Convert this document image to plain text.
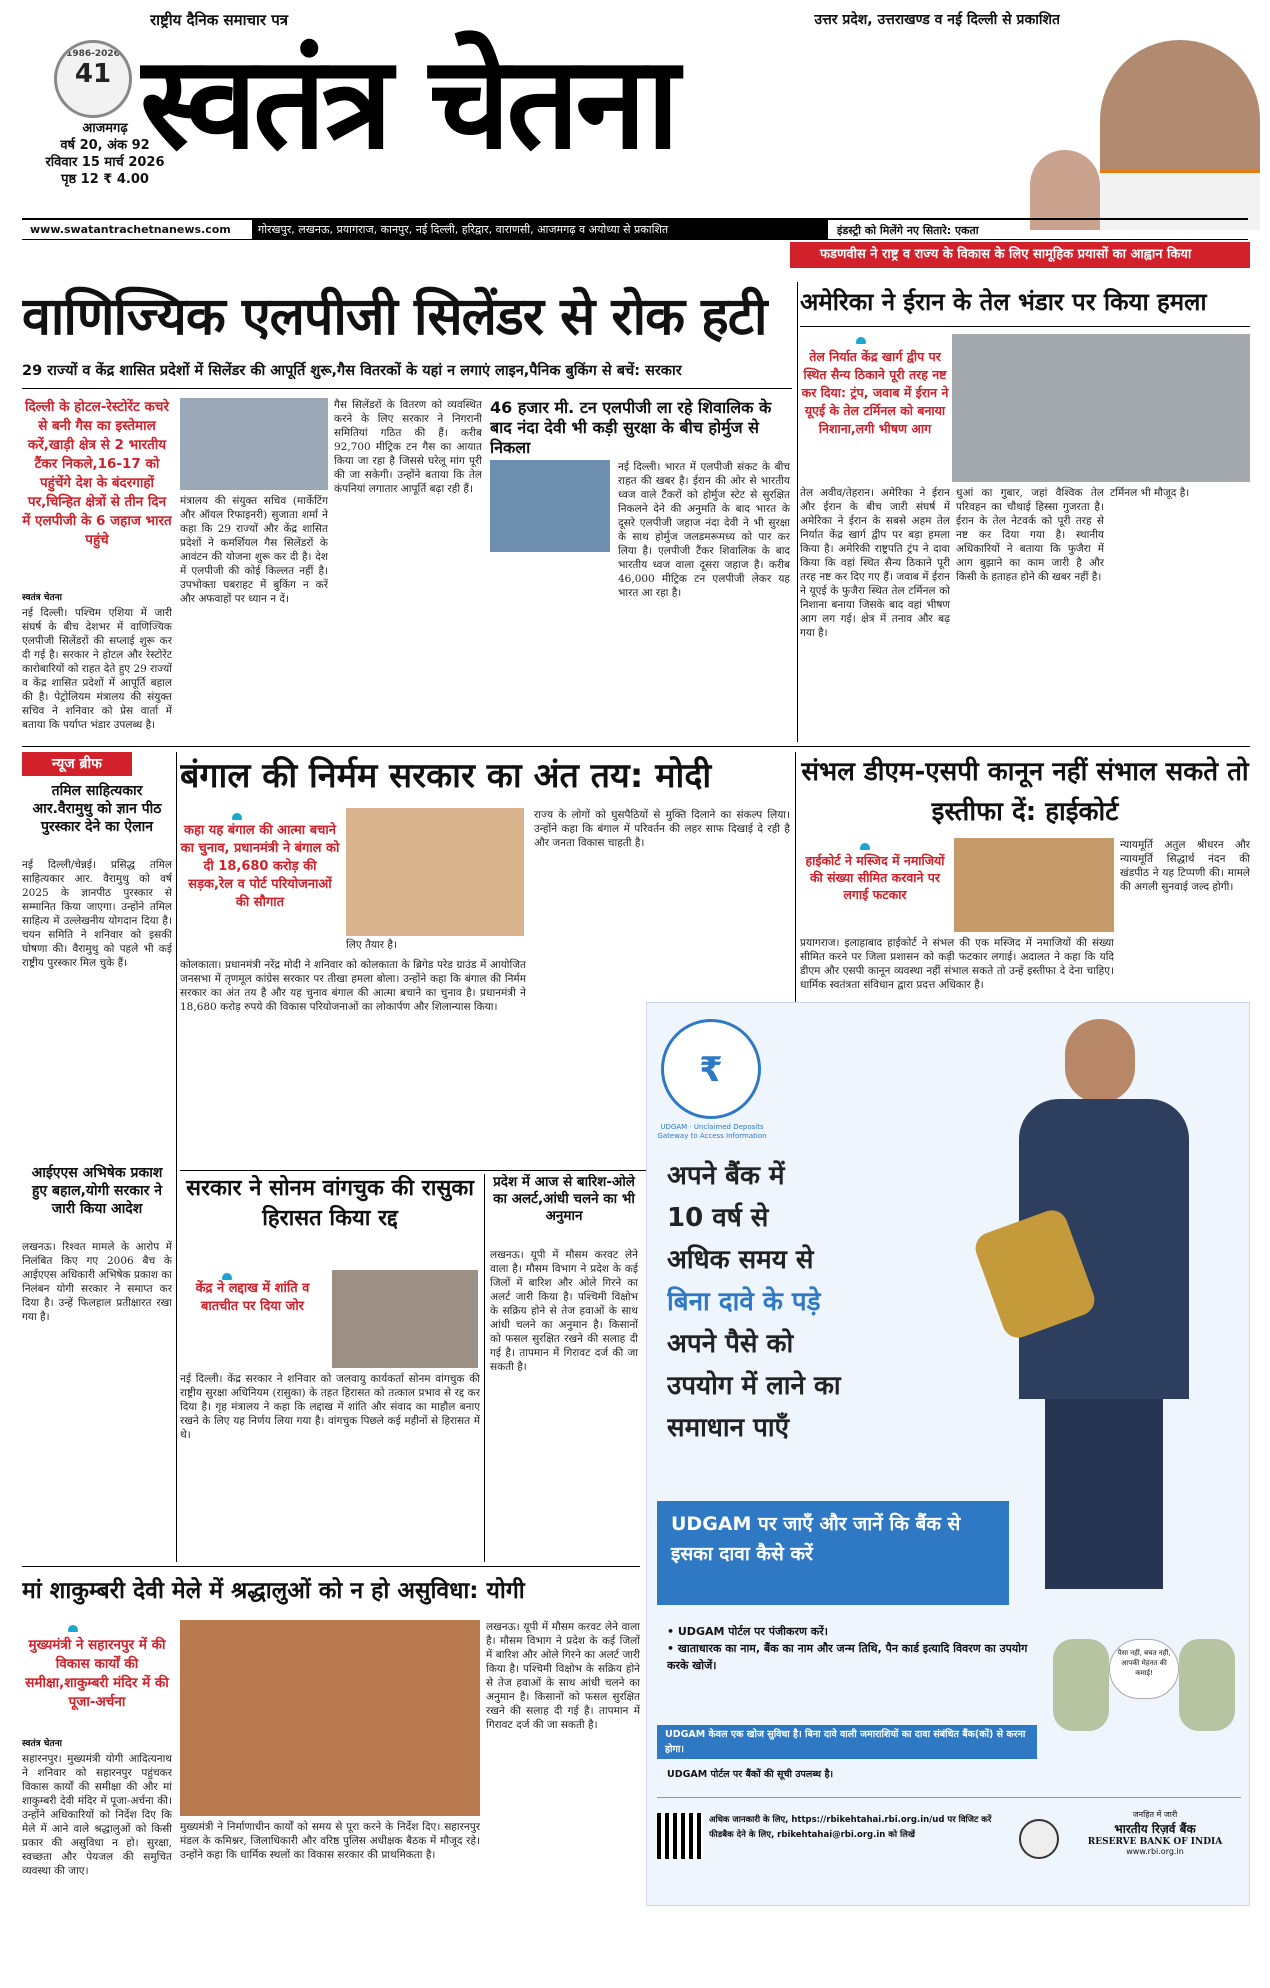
1986-2026
41
राष्ट्रीय दैनिक समाचार पत्र	उत्तर प्रदेश, उत्तराखण्ड व नई दिल्ली से प्रकाशित
स्वतंत्र चेतना
आजमगढ़
वर्ष 20, अंक 92
रविवार 15 मार्च 2026
पृष्ठ 12 ₹ 4.00
www.swatantrachetnanews.com	गोरखपुर, लखनऊ, प्रयागराज, कानपुर, नई दिल्ली, हरिद्वार, वाराणसी, आजमगढ़ व अयोध्या से प्रकाशित	इंडस्ट्री को मिलेंगे नए सितारे: एकता
फडणवीस ने राष्ट्र व राज्य के विकास के लिए सामूहिक प्रयासों का आह्वान किया
वाणिज्यिक एलपीजी सिलेंडर से रोक हटी
29 राज्यों व केंद्र शासित प्रदेशों में सिलेंडर की आपूर्ति शुरू,गैस वितरकों के यहां न लगाएं लाइन,पैनिक बुकिंग से बचें: सरकार
दिल्ली के होटल-रेस्टोरेंट कचरे से बनी गैस का इस्तेमाल करें,खाड़ी क्षेत्र से 2 भारतीय टैंकर निकले,16-17 को पहुंचेंगे देश के बंदरगाहों पर,चिन्हित क्षेत्रों से तीन दिन में एलपीजी के 6 जहाज भारत पहुंचे
स्वतंत्र चेतना
नई दिल्ली। पश्चिम एशिया में जारी संघर्ष के बीच देशभर में वाणिज्यिक एलपीजी सिलेंडरों की सप्लाई शुरू कर दी गई है। सरकार ने होटल और रेस्टोरेंट कारोबारियों को राहत देते हुए 29 राज्यों व केंद्र शासित प्रदेशों में आपूर्ति बहाल की है। पेट्रोलियम मंत्रालय की संयुक्त सचिव ने शनिवार को प्रेस वार्ता में बताया कि पर्याप्त भंडार उपलब्ध है।
मंत्रालय की संयुक्त सचिव (मार्केटिंग और ऑयल रिफाइनरी) सुजाता शर्मा ने कहा कि 29 राज्यों और केंद्र शासित प्रदेशों ने कमर्शियल गैस सिलेंडरों के आवंटन की योजना शुरू कर दी है। देश में एलपीजी की कोई किल्लत नहीं है। उपभोक्ता घबराहट में बुकिंग न करें और अफवाहों पर ध्यान न दें।
गैस सिलेंडरों के वितरण को व्यवस्थित करने के लिए सरकार ने निगरानी समितियां गठित की हैं। करीब 92,700 मीट्रिक टन गैस का आयात किया जा रहा है जिससे घरेलू मांग पूरी की जा सकेगी। उन्होंने बताया कि तेल कंपनियां लगातार आपूर्ति बढ़ा रही हैं।
46 हजार मी. टन एलपीजी ला रहे शिवालिक के बाद नंदा देवी भी कड़ी सुरक्षा के बीच होर्मुज से निकला
नई दिल्ली। भारत में एलपीजी संकट के बीच राहत की खबर है। ईरान की ओर से भारतीय ध्वज वाले टैंकरों को होर्मुज स्टेट से सुरक्षित निकलने देने की अनुमति के बाद भारत के दूसरे एलपीजी जहाज नंदा देवी ने भी सुरक्षा के साथ होर्मुज जलडमरूमध्य को पार कर लिया है। एलपीजी टैंकर शिवालिक के बाद भारतीय ध्वज वाला दूसरा जहाज है। करीब 46,000 मीट्रिक टन एलपीजी लेकर यह भारत आ रहा है।
अमेरिका ने ईरान के तेल भंडार पर किया हमला
तेल निर्यात केंद्र खार्ग द्वीप पर स्थित सैन्य ठिकाने पूरी तरह नष्ट कर दिया: ट्रंप, जवाब में ईरान ने यूएई के तेल टर्मिनल को बनाया निशाना,लगी भीषण आग
तेल अवीव/तेहरान। अमेरिका ने ईरान और ईरान के बीच जारी संघर्ष में अमेरिका ने ईरान के सबसे अहम तेल निर्यात केंद्र खार्ग द्वीप पर बड़ा हमला किया है। अमेरिकी राष्ट्रपति ट्रंप ने दावा किया कि वहां स्थित सैन्य ठिकाने पूरी तरह नष्ट कर दिए गए हैं। जवाब में ईरान ने यूएई के फुजैरा स्थित तेल टर्मिनल को निशाना बनाया जिसके बाद वहां भीषण आग लग गई। क्षेत्र में तनाव और बढ़ गया है।
धुआं का गुबार, जहां वैश्विक तेल परिवहन का चौथाई हिस्सा गुजरता है। ईरान के तेल नेटवर्क को पूरी तरह से नष्ट कर दिया गया है। स्थानीय अधिकारियों ने बताया कि फुजैरा में आग बुझाने का काम जारी है और किसी के हताहत होने की खबर नहीं है।
टर्मिनल भी मौजूद है।
न्यूज ब्रीफ
तमिल साहित्यकार आर.वैरामुथु को ज्ञान पीठ पुरस्कार देने का ऐलान
नई दिल्ली/चेन्नई। प्रसिद्ध तमिल साहित्यकार आर. वैरामुथु को वर्ष 2025 के ज्ञानपीठ पुरस्कार से सम्मानित किया जाएगा। उन्होंने तमिल साहित्य में उल्लेखनीय योगदान दिया है। चयन समिति ने शनिवार को इसकी घोषणा की। वैरामुथु को पहले भी कई राष्ट्रीय पुरस्कार मिल चुके हैं।
आईएएस अभिषेक प्रकाश हुए बहाल,योगी सरकार ने जारी किया आदेश
लखनऊ। रिश्वत मामले के आरोप में निलंबित किए गए 2006 बैच के आईएएस अधिकारी अभिषेक प्रकाश का निलंबन योगी सरकार ने समाप्त कर दिया है। उन्हें फिलहाल प्रतीक्षारत रखा गया है।
बंगाल की निर्मम सरकार का अंत तय: मोदी
कहा यह बंगाल की आत्मा बचाने का चुनाव, प्रधानमंत्री ने बंगाल को दी 18,680 करोड़ की सड़क,रेल व पोर्ट परियोजनाओं की सौगात
लिए तैयार है।
कोलकाता। प्रधानमंत्री नरेंद्र मोदी ने शनिवार को कोलकाता के ब्रिगेड परेड ग्राउंड में आयोजित जनसभा में तृणमूल कांग्रेस सरकार पर तीखा हमला बोला। उन्होंने कहा कि बंगाल की निर्मम सरकार का अंत तय है और यह चुनाव बंगाल की आत्मा बचाने का चुनाव है। प्रधानमंत्री ने 18,680 करोड़ रुपये की विकास परियोजनाओं का लोकार्पण और शिलान्यास किया।
राज्य के लोगों को घुसपैठियों से मुक्ति दिलाने का संकल्प लिया। उन्होंने कहा कि बंगाल में परिवर्तन की लहर साफ दिखाई दे रही है और जनता विकास चाहती है।
संभल डीएम-एसपी कानून नहीं संभाल सकते तो इस्तीफा दें: हाईकोर्ट
हाईकोर्ट ने मस्जिद में नमाजियों की संख्या सीमित करवाने पर लगाई फटकार
प्रयागराज। इलाहाबाद हाईकोर्ट ने संभल की एक मस्जिद में नमाजियों की संख्या सीमित करने पर जिला प्रशासन को कड़ी फटकार लगाई। अदालत ने कहा कि यदि डीएम और एसपी कानून व्यवस्था नहीं संभाल सकते तो उन्हें इस्तीफा दे देना चाहिए। धार्मिक स्वतंत्रता संविधान द्वारा प्रदत्त अधिकार है।
न्यायमूर्ति अतुल श्रीधरन और न्यायमूर्ति सिद्धार्थ नंदन की खंडपीठ ने यह टिप्पणी की। मामले की अगली सुनवाई जल्द होगी।
सरकार ने सोनम वांगचुक की रासुका हिरासत किया रद्द
केंद्र ने लद्दाख में शांति व बातचीत पर दिया जोर
नई दिल्ली। केंद्र सरकार ने शनिवार को जलवायु कार्यकर्ता सोनम वांगचुक की राष्ट्रीय सुरक्षा अधिनियम (रासुका) के तहत हिरासत को तत्काल प्रभाव से रद्द कर दिया है। गृह मंत्रालय ने कहा कि लद्दाख में शांति और संवाद का माहौल बनाए रखने के लिए यह निर्णय लिया गया है। वांगचुक पिछले कई महीनों से हिरासत में थे।
प्रदेश में आज से बारिश-ओले का अलर्ट,आंधी चलने का भी अनुमान
लखनऊ। यूपी में मौसम करवट लेने वाला है। मौसम विभाग ने प्रदेश के कई जिलों में बारिश और ओले गिरने का अलर्ट जारी किया है। पश्चिमी विक्षोभ के सक्रिय होने से तेज हवाओं के साथ आंधी चलने का अनुमान है। किसानों को फसल सुरक्षित रखने की सलाह दी गई है। तापमान में गिरावट दर्ज की जा सकती है।
₹
UDGAM · Unclaimed Deposits Gateway to Access Information
अपने बैंक में
10 वर्ष से
अधिक समय से
बिना दावे के पड़े
अपने पैसे को
उपयोग में लाने का
समाधान पाएँ
UDGAM पर जाएँ और जानें कि बैंक से इसका दावा कैसे करें
• UDGAM पोर्टल पर पंजीकरण करें।
• खाताधारक का नाम, बैंक का नाम और जन्म तिथि, पैन कार्ड इत्यादि विवरण का उपयोग करके खोजें।
UDGAM केवल एक खोज सुविधा है। बिना दावे वाली जमाराशियों का दावा संबंधित बैंक(कों) से करना होगा।
UDGAM पोर्टल पर बैंकों की सूची उपलब्ध है।
पैसा नहीं, बचत नहीं, आपकी मेहनत की कमाई!
अधिक जानकारी के लिए, https://rbikehtahai.rbi.org.in/ud पर विजिट करें
फीडबैक देने के लिए, rbikehtahai@rbi.org.in को लिखें
जनहित में जारी
भारतीय रिज़र्व बैंक
RESERVE BANK OF INDIA
www.rbi.org.in
मां शाकुम्बरी देवी मेले में श्रद्धालुओं को न हो असुविधा: योगी
मुख्यमंत्री ने सहारनपुर में की विकास कार्यों की समीक्षा,शाकुम्बरी मंदिर में की पूजा-अर्चना
स्वतंत्र चेतना
सहारनपुर। मुख्यमंत्री योगी आदित्यनाथ ने शनिवार को सहारनपुर पहुंचकर विकास कार्यों की समीक्षा की और मां शाकुम्बरी देवी मंदिर में पूजा-अर्चना की। उन्होंने अधिकारियों को निर्देश दिए कि मेले में आने वाले श्रद्धालुओं को किसी प्रकार की असुविधा न हो। सुरक्षा, स्वच्छता और पेयजल की समुचित व्यवस्था की जाए।
मुख्यमंत्री ने निर्माणाधीन कार्यों को समय से पूरा करने के निर्देश दिए। सहारनपुर मंडल के कमिश्नर, जिलाधिकारी और वरिष्ठ पुलिस अधीक्षक बैठक में मौजूद रहे। उन्होंने कहा कि धार्मिक स्थलों का विकास सरकार की प्राथमिकता है।
लखनऊ। यूपी में मौसम करवट लेने वाला है। मौसम विभाग ने प्रदेश के कई जिलों में बारिश और ओले गिरने का अलर्ट जारी किया है। पश्चिमी विक्षोभ के सक्रिय होने से तेज हवाओं के साथ आंधी चलने का अनुमान है। किसानों को फसल सुरक्षित रखने की सलाह दी गई है। तापमान में गिरावट दर्ज की जा सकती है।
